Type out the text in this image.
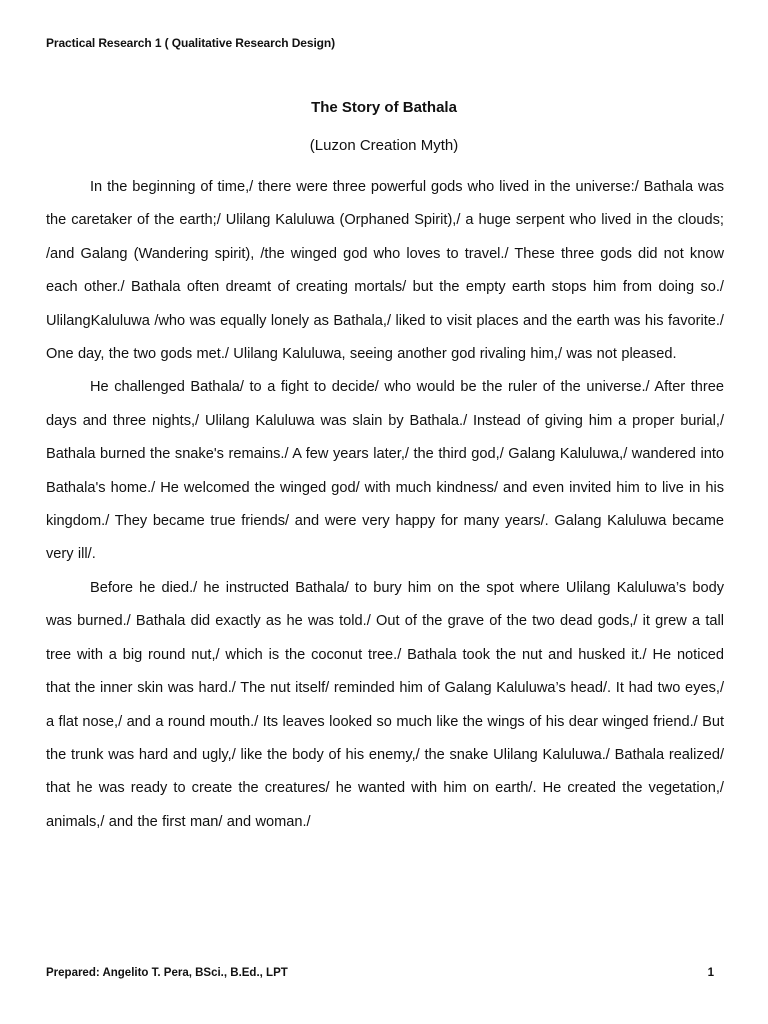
Practical Research 1 ( Qualitative Research Design)
The Story of Bathala
(Luzon Creation Myth)

In the beginning of time,/ there were three powerful gods who lived in the universe:/ Bathala was the caretaker of the earth;/ Ulilang Kaluluwa (Orphaned Spirit),/ a huge serpent who lived in the clouds; /and Galang (Wandering spirit), /the winged god who loves to travel./ These three gods did not know each other./ Bathala often dreamt of creating mortals/ but the empty earth stops him from doing so./ UlilangKaluluwa /who was equally lonely as Bathala,/ liked to visit places and the earth was his favorite./ One day, the two gods met./ Ulilang Kaluluwa, seeing another god rivaling him,/ was not pleased.

He challenged Bathala/ to a fight to decide/ who would be the ruler of the universe./ After three days and three nights,/ Ulilang Kaluluwa was slain by Bathala./ Instead of giving him a proper burial,/ Bathala burned the snake's remains./ A few years later,/ the third god,/ Galang Kaluluwa,/ wandered into Bathala's home./ He welcomed the winged god/ with much kindness/ and even invited him to live in his kingdom./ They became true friends/ and were very happy for many years/. Galang Kaluluwa became very ill/.

Before he died./ he instructed Bathala/ to bury him on the spot where Ulilang Kaluluwa’s body was burned./ Bathala did exactly as he was told./ Out of the grave of the two dead gods,/ it grew a tall tree with a big round nut,/ which is the coconut tree./ Bathala took the nut and husked it./ He noticed that the inner skin was hard./ The nut itself/ reminded him of Galang Kaluluwa’s head/. It had two eyes,/ a flat nose,/ and a round mouth./ Its leaves looked so much like the wings of his dear winged friend./ But the trunk was hard and ugly,/ like the body of his enemy,/ the snake Ulilang Kaluluwa./ Bathala realized/ that he was ready to create the creatures/ he wanted with him on earth/. He created the vegetation,/ animals,/ and the first man/ and woman./

Prepared: Angelito T. Pera, BSci., B.Ed., LPT	1
